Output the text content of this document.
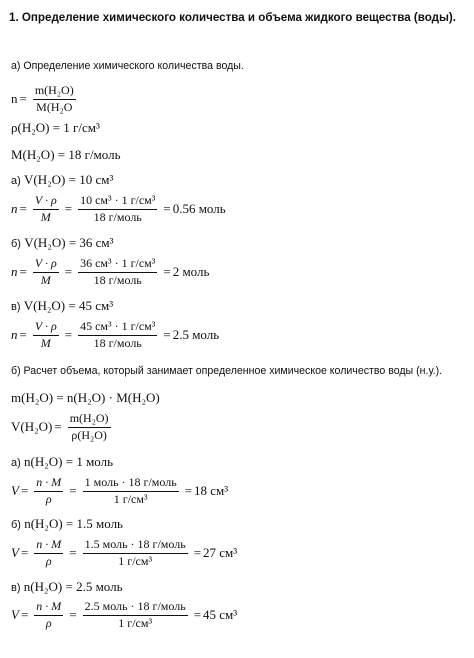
1. Определение химического количества и объема жидкого вещества (воды).
а) Определение химического количества воды.
$n = \frac{\text{m(H₂O)}}{\text{M(H₂O}}$
ρ(H₂O) = 1 г/см³
M(H₂O) = 18 г/моль
а) V(H₂O) = 10 см³
$n = \frac{V \cdot \rho}{M}$ =
10 см³ · 1 г/см³
18 г/моль
= 0.56 моль
б) V(H₂O) = 36 см³
$n = \frac{V \cdot \rho}{M}$ =
36 см³ · 1 г/см³
18 г/моль
= 2 моль
в) V(H₂O) = 45 см³
$n = \frac{V \cdot \rho}{M}$ =
45 см³ · 1 г/см³
18 г/моль
= 2.5 моль
б) Расчет объема, который занимает определенное химическое количество воды (н.у.).
m(H₂O) = n(H₂O) · M(H₂O)
$V(H_2O) = \frac{\text{m(H₂O)}}{\text{ρ(H₂O)}}$
а) n(H₂O) = 1 моль
$V = \frac{n \cdot M}{\rho}$ =
1 моль · 18 г/моль
1 г/см³
= 18 см³
б) n(H₂O) = 1.5 моль
$V = \frac{n \cdot M}{\rho}$ =
1.5 моль · 18 г/моль
1 г/см³
= 27 см³
в) n(H₂O) = 2.5 моль
$V = \frac{n \cdot M}{\rho}$ =
2.5 моль · 18 г/моль
1 г/см³
= 45 см³
